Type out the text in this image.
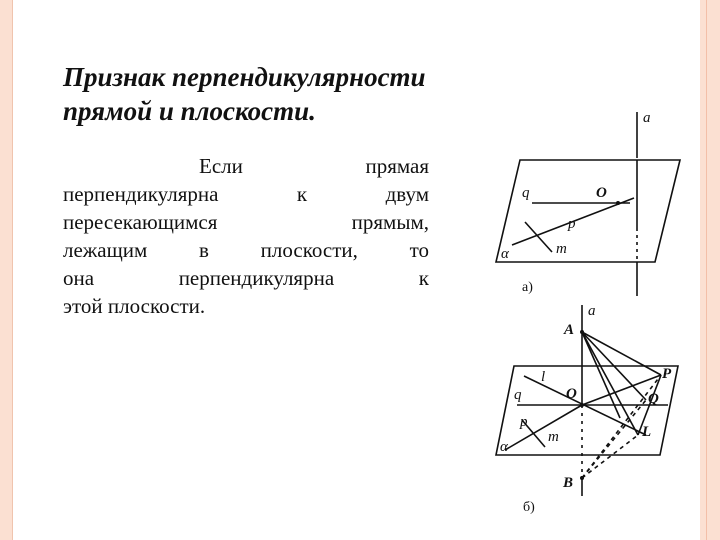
Признак перпендикулярности
прямой и плоскости.

Если прямая
перпендикулярна к двум
пересекающимся прямым,
лежащим в плоскости, то
она перпендикулярна к
этой плоскости.

a
q	O
p
m
α
a)
a
A
l
q	O
P
Q
p
m	L
α
B
б)
